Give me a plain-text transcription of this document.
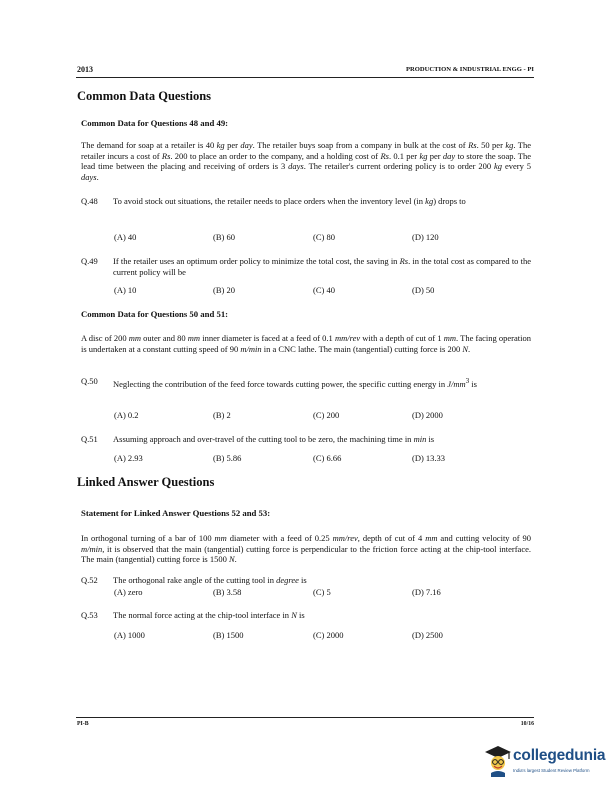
2013	PRODUCTION & INDUSTRIAL ENGG - PI
Common Data Questions
Common Data for Questions 48 and 49:
The demand for soap at a retailer is 40 kg per day. The retailer buys soap from a company in bulk at the cost of Rs. 50 per kg. The retailer incurs a cost of Rs. 200 to place an order to the company, and a holding cost of Rs. 0.1 per kg per day to store the soap. The lead time between the placing and receiving of orders is 3 days. The retailer's current ordering policy is to order 200 kg every 5 days.
Q.48 To avoid stock out situations, the retailer needs to place orders when the inventory level (in kg) drops to
(A) 40	(B) 60	(C) 80	(D) 120
Q.49 If the retailer uses an optimum order policy to minimize the total cost, the saving in Rs. in the total cost as compared to the current policy will be
(A) 10	(B) 20	(C) 40	(D) 50
Common Data for Questions 50 and 51:
A disc of 200 mm outer and 80 mm inner diameter is faced at a feed of 0.1 mm/rev with a depth of cut of 1 mm. The facing operation is undertaken at a constant cutting speed of 90 m/min in a CNC lathe. The main (tangential) cutting force is 200 N.
Q.50 Neglecting the contribution of the feed force towards cutting power, the specific cutting energy in $J/mm^3$ is
(A) 0.2	(B) 2	(C) 200	(D) 2000
Q.51 Assuming approach and over-travel of the cutting tool to be zero, the machining time in min is
(A) 2.93	(B) 5.86	(C) 6.66	(D) 13.33
Linked Answer Questions
Statement for Linked Answer Questions 52 and 53:
In orthogonal turning of a bar of 100 mm diameter with a feed of 0.25 mm/rev, depth of cut of 4 mm and cutting velocity of 90 m/min, it is observed that the main (tangential) cutting force is perpendicular to the friction force acting at the chip-tool interface. The main (tangential) cutting force is 1500 N.
Q.52 The orthogonal rake angle of the cutting tool in degree is
(A) zero	(B) 3.58	(C) 5	(D) 7.16
Q.53 The normal force acting at the chip-tool interface in N is
(A) 1000	(B) 1500	(C) 2000	(D) 2500
PI-B	10/16
collegedunia
India's largest Student Review Platform
